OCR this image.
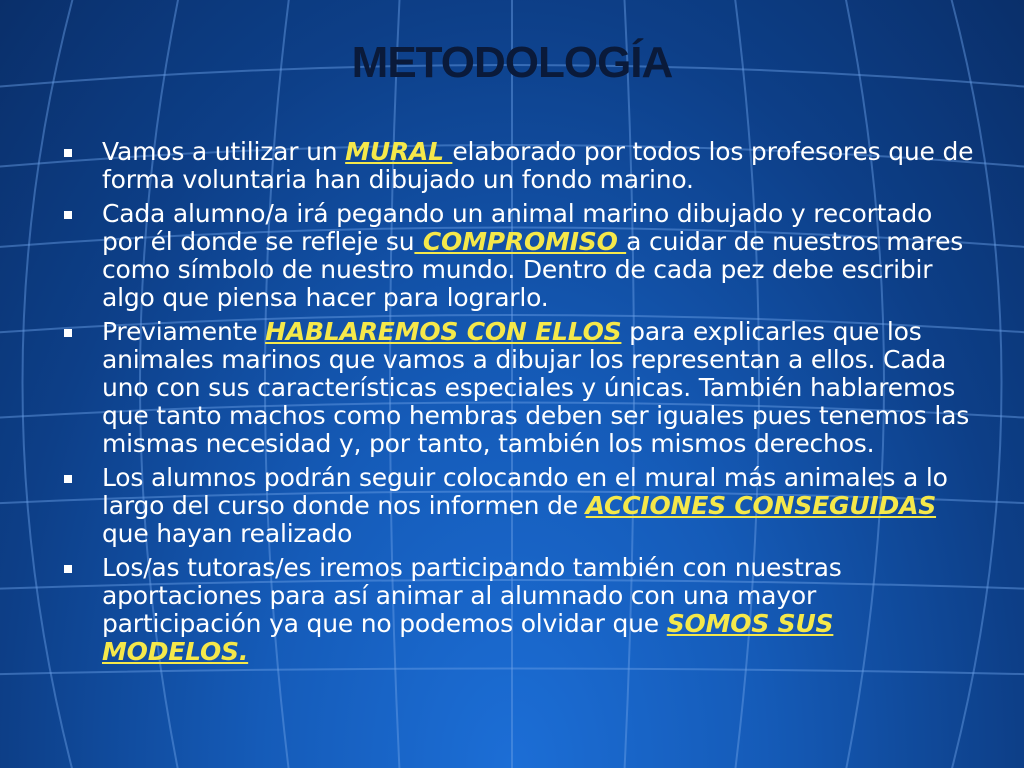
METODOLOGÍA
Vamos a utilizar un MURAL elaborado por todos los profesores que de forma voluntaria han dibujado un fondo marino.
Cada alumno/a irá pegando un animal marino dibujado y recortado por él donde se refleje su COMPROMISO a cuidar de nuestros mares como símbolo de nuestro mundo. Dentro de cada pez debe escribir algo que piensa hacer para lograrlo.
Previamente HABLAREMOS CON ELLOS para explicarles que los animales marinos que vamos a dibujar los representan a ellos. Cada uno con sus características especiales y únicas. También hablaremos que tanto machos como hembras deben ser iguales pues tenemos las mismas necesidad y, por tanto, también los mismos derechos.
Los alumnos podrán seguir colocando en el mural más animales a lo largo del curso donde nos informen de ACCIONES CONSEGUIDAS que hayan realizado
Los/as tutoras/es iremos participando también con nuestras aportaciones para así animar al alumnado con una mayor participación ya que no podemos olvidar que SOMOS SUS MODELOS.
